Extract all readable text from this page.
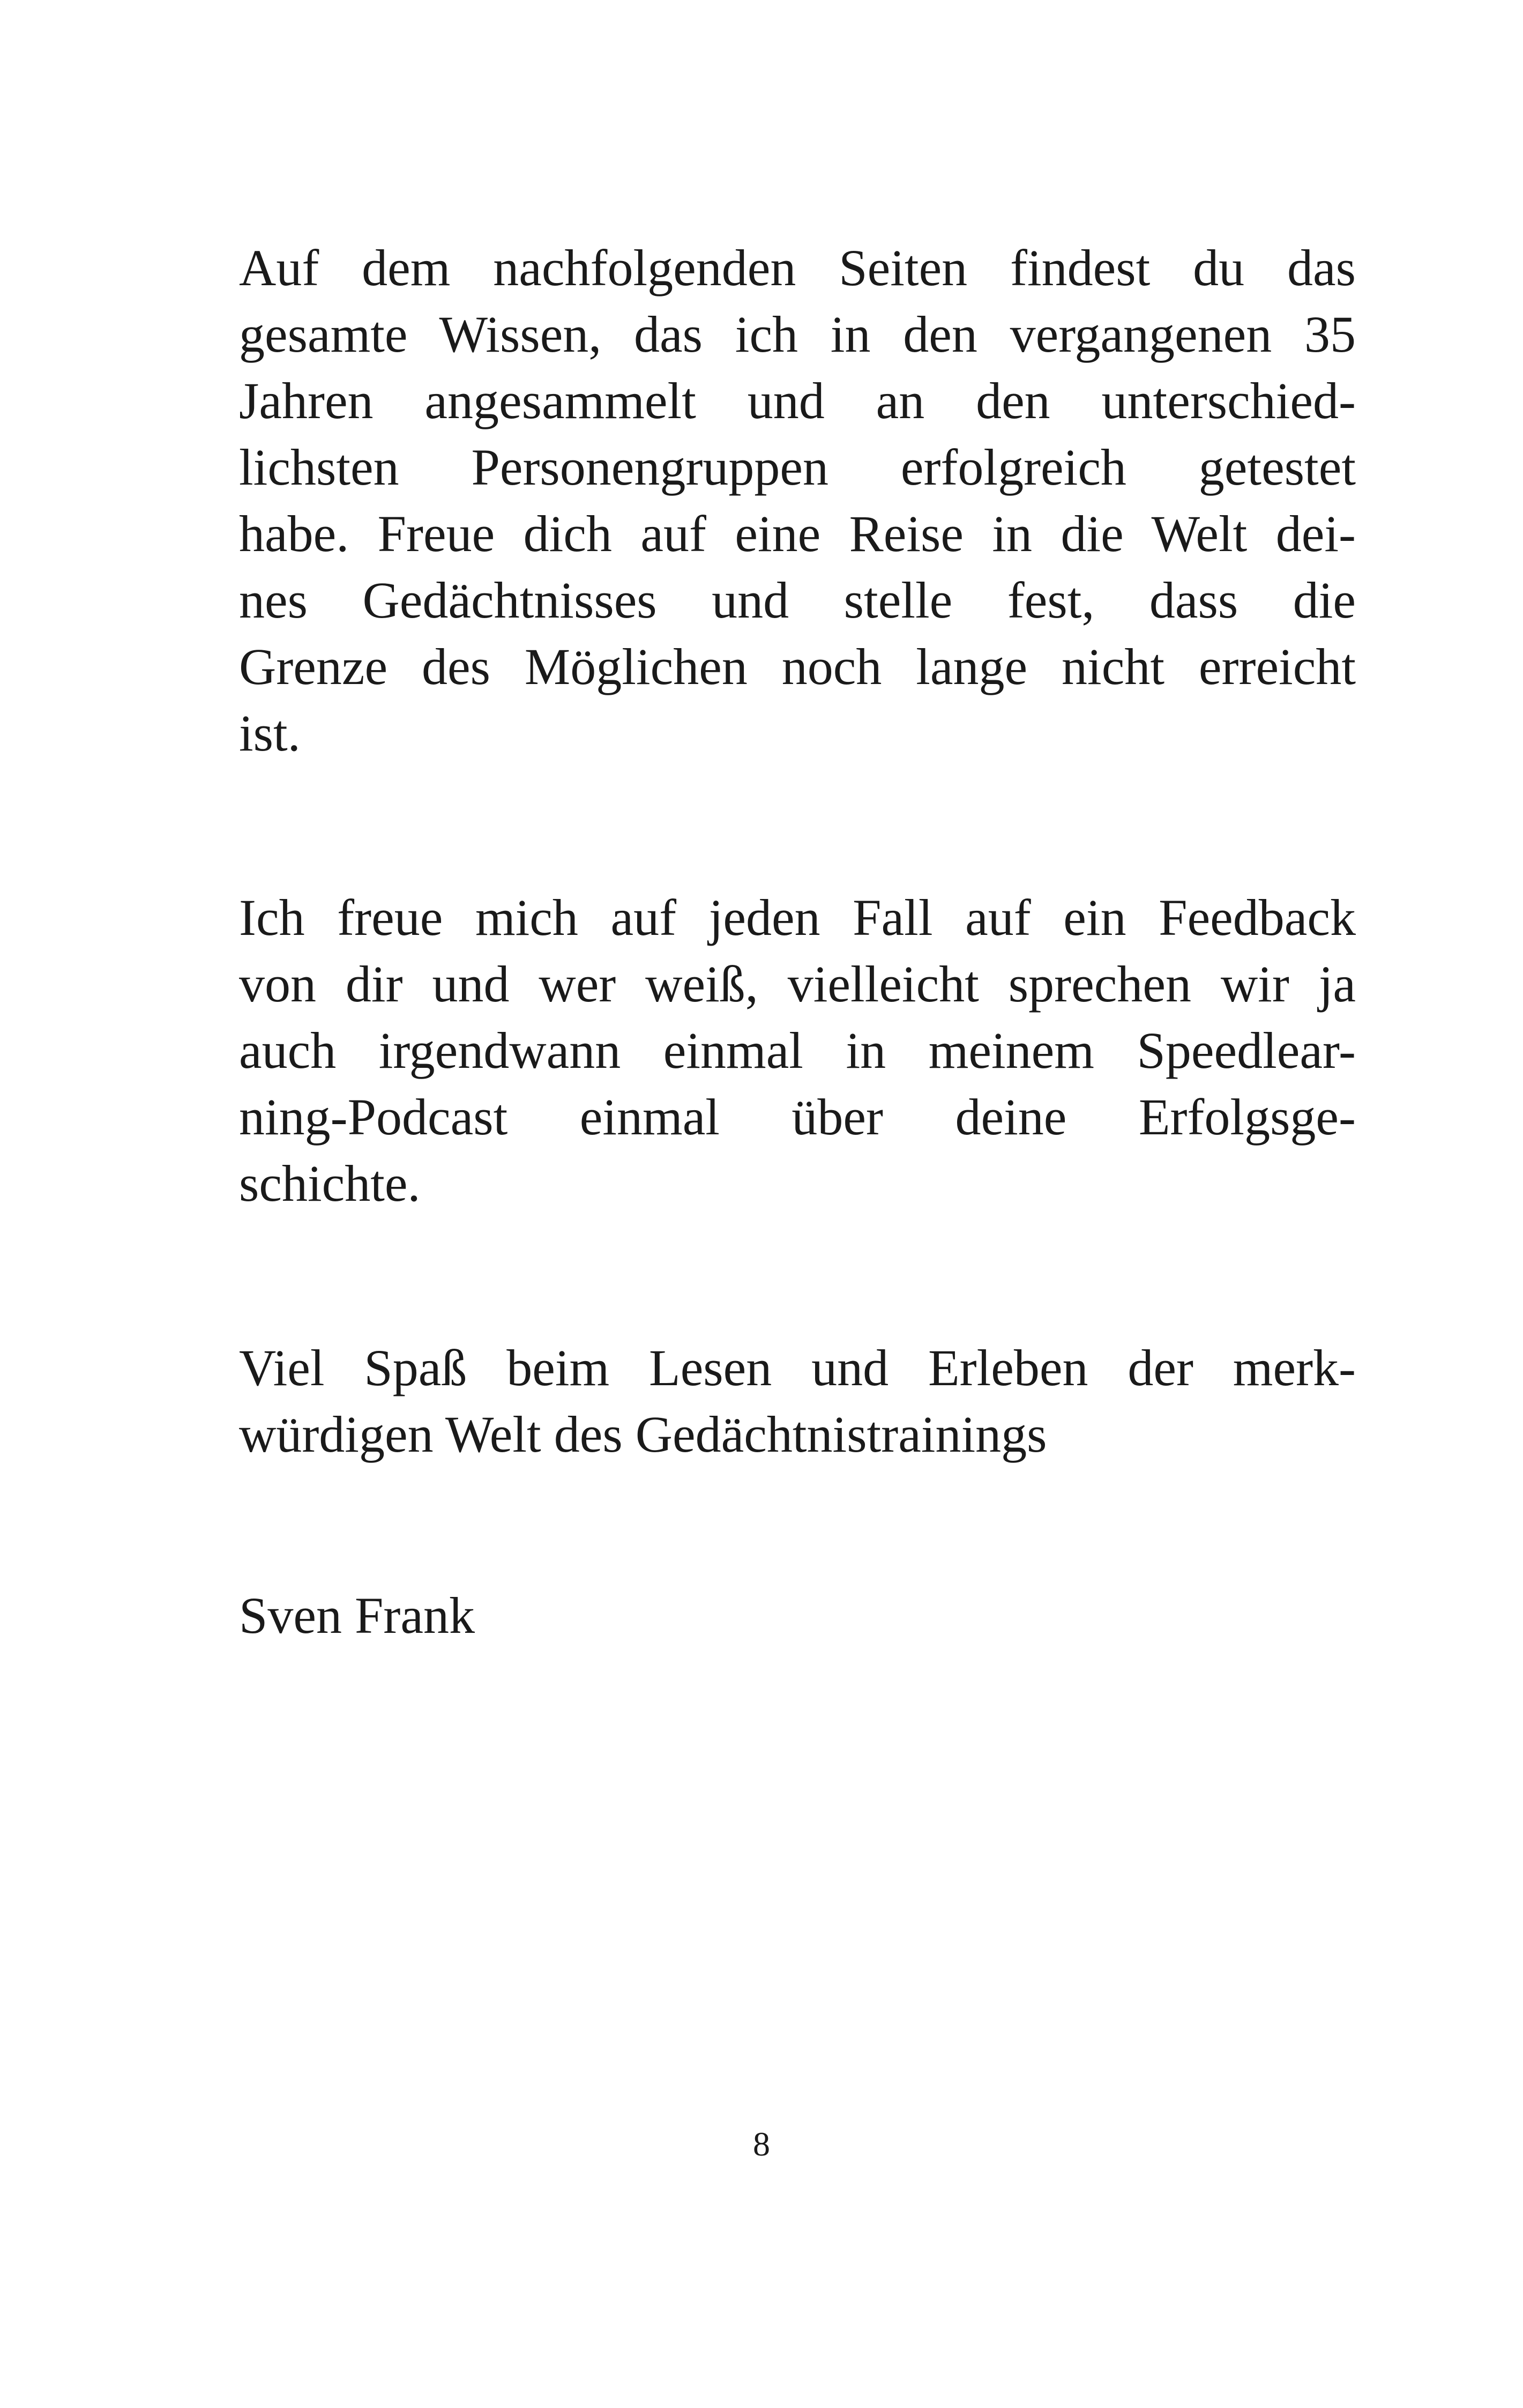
Auf dem nachfolgenden Seiten findest du das
gesamte Wissen, das ich in den vergangenen 35
Jahren angesammelt und an den unterschied-
lichsten Personengruppen erfolgreich getestet
habe. Freue dich auf eine Reise in die Welt dei-
nes Gedächtnisses und stelle fest, dass die
Grenze des Möglichen noch lange nicht erreicht
ist.
Ich freue mich auf jeden Fall auf ein Feedback
von dir und wer weiß, vielleicht sprechen wir ja
auch irgendwann einmal in meinem Speedlear-
ning-Podcast einmal über deine Erfolgsge-
schichte.
Viel Spaß beim Lesen und Erleben der merk-
würdigen Welt des Gedächtnistrainings
Sven Frank
8
